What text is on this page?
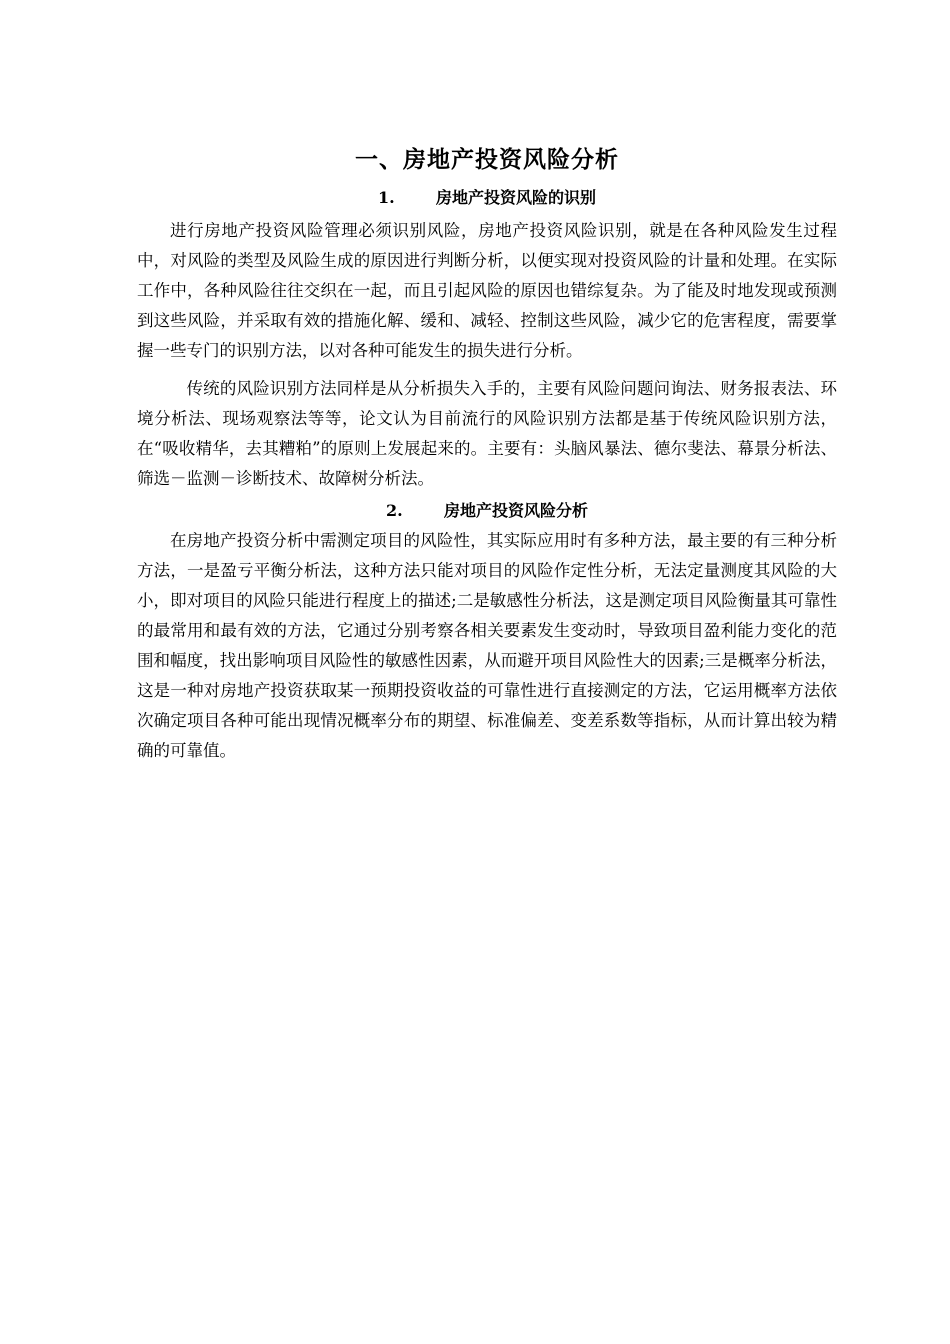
一、房地产投资风险分析
1.	房地产投资风险的识别

进行房地产投资风险管理必须识别风险，房地产投资风险识别，就是在各种风险发生过程中，对风险的类型及风险生成的原因进行判断分析，以便实现对投资风险的计量和处理。在实际工作中，各种风险往往交织在一起，而且引起风险的原因也错综复杂。为了能及时地发现或预测到这些风险，并采取有效的措施化解、缓和、减轻、控制这些风险，减少它的危害程度，需要掌握一些专门的识别方法，以对各种可能发生的损失进行分析。

传统的风险识别方法同样是从分析损失入手的，主要有风险问题问询法、财务报表法、环境分析法、现场观察法等等，论文认为目前流行的风险识别方法都是基于传统风险识别方法，在“吸收精华，去其糟粕”的原则上发展起来的。主要有：头脑风暴法、德尔斐法、幕景分析法、筛选－监测－诊断技术、故障树分析法。

2.	房地产投资风险分析

在房地产投资分析中需测定项目的风险性，其实际应用时有多种方法，最主要的有三种分析方法，一是盈亏平衡分析法，这种方法只能对项目的风险作定性分析，无法定量测度其风险的大小，即对项目的风险只能进行程度上的描述;二是敏感性分析法，这是测定项目风险衡量其可靠性的最常用和最有效的方法，它通过分别考察各相关要素发生变动时，导致项目盈利能力变化的范围和幅度，找出影响项目风险性的敏感性因素，从而避开项目风险性大的因素;三是概率分析法，这是一种对房地产投资获取某一预期投资收益的可靠性进行直接测定的方法，它运用概率方法依次确定项目各种可能出现情况概率分布的期望、标准偏差、变差系数等指标，从而计算出较为精确的可靠值。
